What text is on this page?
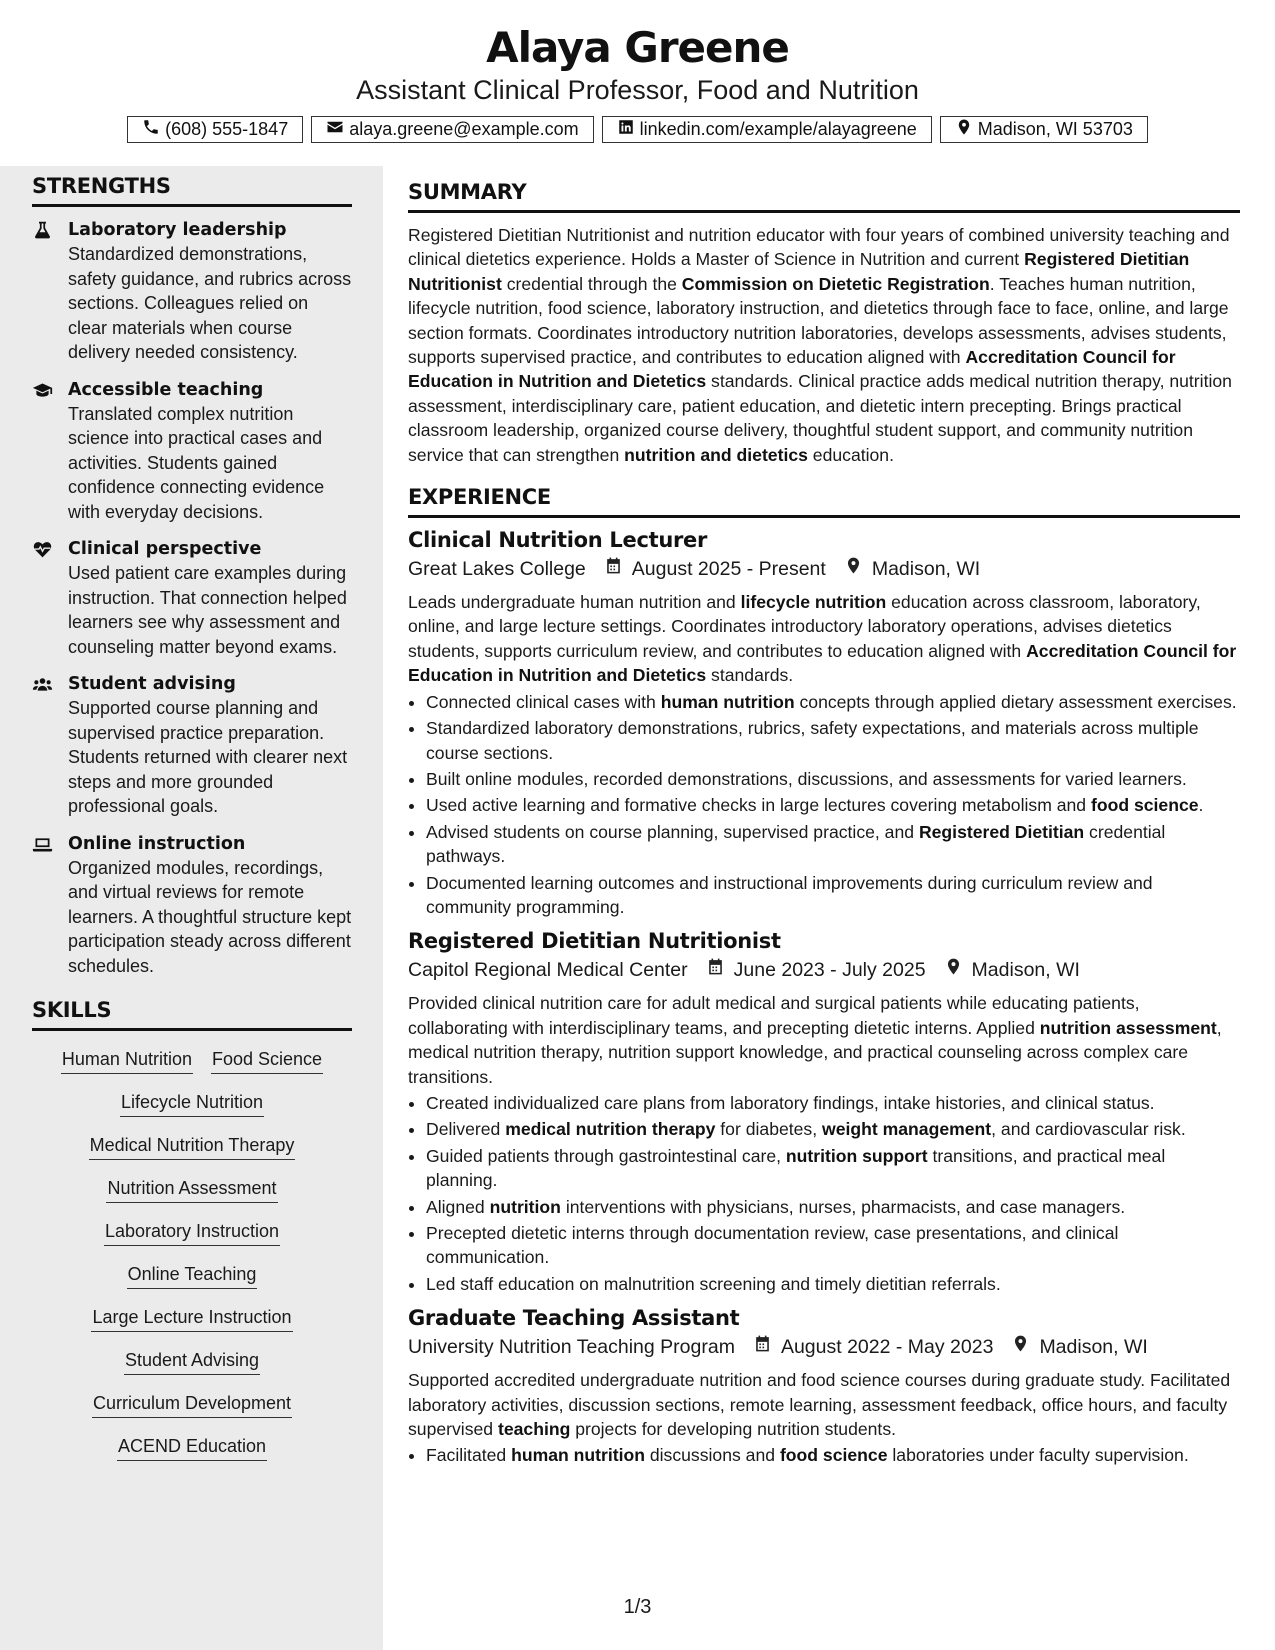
Alaya Greene

Assistant Clinical Professor, Food and Nutrition

(608) 555-1847	alaya.greene@example.com	linkedin.com/example/alayagreene	Madison, WI 53703
STRENGTHS
Laboratory leadership
Standardized demonstrations, safety guidance, and rubrics across sections. Colleagues relied on clear materials when course delivery needed consistency.
Accessible teaching
Translated complex nutrition science into practical cases and activities. Students gained confidence connecting evidence with everyday decisions.
Clinical perspective
Used patient care examples during instruction. That connection helped learners see why assessment and counseling matter beyond exams.
Student advising
Supported course planning and supervised practice preparation. Students returned with clearer next steps and more grounded professional goals.
Online instruction
Organized modules, recordings, and virtual reviews for remote learners. A thoughtful structure kept participation steady across different schedules.
SKILLS
Human Nutrition Food Science
Lifecycle Nutrition
Medical Nutrition Therapy
Nutrition Assessment
Laboratory Instruction
Online Teaching
Large Lecture Instruction
Student Advising
Curriculum Development
ACEND Education
SUMMARY

Registered Dietitian Nutritionist and nutrition educator with four years of combined university teaching and clinical dietetics experience. Holds a Master of Science in Nutrition and current Registered Dietitian Nutritionist credential through the Commission on Dietetic Registration. Teaches human nutrition, lifecycle nutrition, food science, laboratory instruction, and dietetics through face to face, online, and large section formats. Coordinates introductory nutrition laboratories, develops assessments, advises students, supports supervised practice, and contributes to education aligned with Accreditation Council for Education in Nutrition and Dietetics standards. Clinical practice adds medical nutrition therapy, nutrition assessment, interdisciplinary care, patient education, and dietetic intern precepting. Brings practical classroom leadership, organized course delivery, thoughtful student support, and community nutrition service that can strengthen nutrition and dietetics education.

EXPERIENCE
Clinical Nutrition Lecturer
Great Lakes College August 2025 - Present Madison, WI

Leads undergraduate human nutrition and lifecycle nutrition education across classroom, laboratory, online, and large lecture settings. Coordinates introductory laboratory operations, advises dietetics students, supports curriculum review, and contributes to education aligned with Accreditation Council for Education in Nutrition and Dietetics standards.

• Connected clinical cases with human nutrition concepts through applied dietary assessment exercises.
• Standardized laboratory demonstrations, rubrics, safety expectations, and materials across multiple course sections.
• Built online modules, recorded demonstrations, discussions, and assessments for varied learners.
• Used active learning and formative checks in large lectures covering metabolism and food science.
• Advised students on course planning, supervised practice, and Registered Dietitian credential pathways.
• Documented learning outcomes and instructional improvements during curriculum review and community programming.
Registered Dietitian Nutritionist
Capitol Regional Medical Center June 2023 - July 2025 Madison, WI

Provided clinical nutrition care for adult medical and surgical patients while educating patients, collaborating with interdisciplinary teams, and precepting dietetic interns. Applied nutrition assessment, medical nutrition therapy, nutrition support knowledge, and practical counseling across complex care transitions.

• Created individualized care plans from laboratory findings, intake histories, and clinical status.
• Delivered medical nutrition therapy for diabetes, weight management, and cardiovascular risk.
• Guided patients through gastrointestinal care, nutrition support transitions, and practical meal planning.
• Aligned nutrition interventions with physicians, nurses, pharmacists, and case managers.
• Precepted dietetic interns through documentation review, case presentations, and clinical communication.
• Led staff education on malnutrition screening and timely dietitian referrals.
Graduate Teaching Assistant
University Nutrition Teaching Program August 2022 - May 2023 Madison, WI

Supported accredited undergraduate nutrition and food science courses during graduate study. Facilitated laboratory activities, discussion sections, remote learning, assessment feedback, office hours, and faculty supervised teaching projects for developing nutrition students.

• Facilitated human nutrition discussions and food science laboratories under faculty supervision.
1/3
